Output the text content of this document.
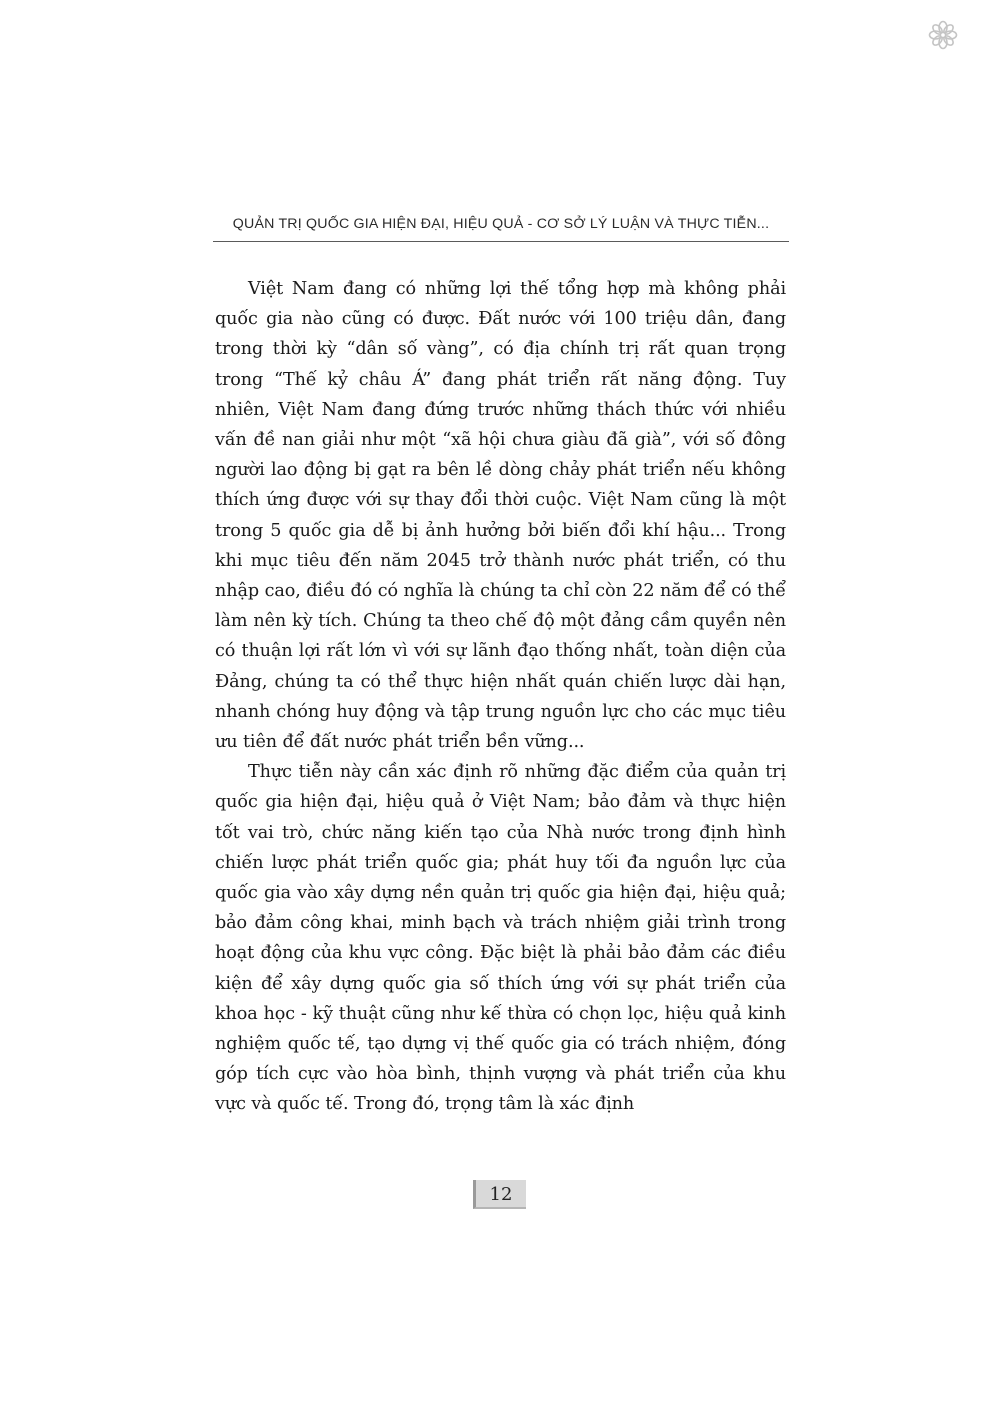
QUẢN TRỊ QUỐC GIA HIỆN ĐẠI, HIỆU QUẢ - CƠ SỞ LÝ LUẬN VÀ THỰC TIỄN...

Việt Nam đang có những lợi thế tổng hợp mà không phải quốc gia nào cũng có được. Đất nước với 100 triệu dân, đang trong thời kỳ “dân số vàng”, có địa chính trị rất quan trọng trong “Thế kỷ châu Á” đang phát triển rất năng động. Tuy nhiên, Việt Nam đang đứng trước những thách thức với nhiều vấn đề nan giải như một “xã hội chưa giàu đã già”, với số đông người lao động bị gạt ra bên lề dòng chảy phát triển nếu không thích ứng được với sự thay đổi thời cuộc. Việt Nam cũng là một trong 5 quốc gia dễ bị ảnh hưởng bởi biến đổi khí hậu... Trong khi mục tiêu đến năm 2045 trở thành nước phát triển, có thu nhập cao, điều đó có nghĩa là chúng ta chỉ còn 22 năm để có thể làm nên kỳ tích. Chúng ta theo chế độ một đảng cầm quyền nên có thuận lợi rất lớn vì với sự lãnh đạo thống nhất, toàn diện của Đảng, chúng ta có thể thực hiện nhất quán chiến lược dài hạn, nhanh chóng huy động và tập trung nguồn lực cho các mục tiêu ưu tiên để đất nước phát triển bền vững...

Thực tiễn này cần xác định rõ những đặc điểm của quản trị quốc gia hiện đại, hiệu quả ở Việt Nam; bảo đảm và thực hiện tốt vai trò, chức năng kiến tạo của Nhà nước trong định hình chiến lược phát triển quốc gia; phát huy tối đa nguồn lực của quốc gia vào xây dựng nền quản trị quốc gia hiện đại, hiệu quả; bảo đảm công khai, minh bạch và trách nhiệm giải trình trong hoạt động của khu vực công. Đặc biệt là phải bảo đảm các điều kiện để xây dựng quốc gia số thích ứng với sự phát triển của khoa học - kỹ thuật cũng như kế thừa có chọn lọc, hiệu quả kinh nghiệm quốc tế, tạo dựng vị thế quốc gia có trách nhiệm, đóng góp tích cực vào hòa bình, thịnh vượng và phát triển của khu vực và quốc tế. Trong đó, trọng tâm là xác định

12
